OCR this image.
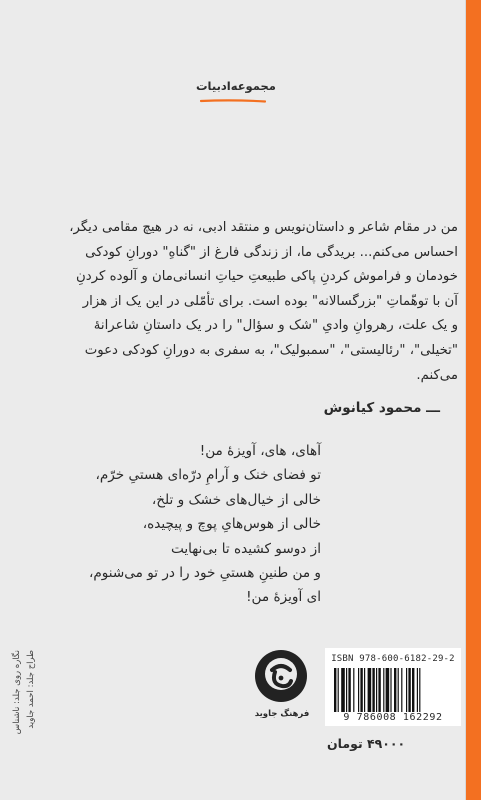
مجموعه‌ادبیات

من در مقام شاعر و داستان‌نویس و منتقد ادبی، نه در هیچ مقامی دیگر،
احساس می‌کنم... بریدگی ما، از زندگی فارغ از "گناهِ" دورانِ کودکی
خودمان و فراموش کردنِ پاکی طبیعتِ حیاتِ انسانی‌مان و آلوده کردنِ
آن با توهّماتِ "بزرگسالانه" بوده است. برای تأمّلی در این یک از هزار
و یک علت، رهروانِ وادیِ "شک و سؤال" را در یک داستانِ شاعرانهٔ
"تخیلی"، "رئالیستی"، "سمبولیک"، به سفری به دورانِ کودکی دعوت
می‌کنم.

ـــ محمود کیانوش

آهای، های، آویزهٔ من!
تو فضای خنک و آرامِ درّه‌ای هستیِ خرّم،
خالی از خیال‌های خشک و تلخ،
خالی از هوس‌هایِ پوچ و پیچیده،
از دوسو کشیده تا بی‌نهایت
و من طنینِ هستیِ خود را در تو می‌شنوم،
ای آویزهٔ من!

نگاره روی جلد: ناشناس طراح جلد: احمد جاوید	فرهنگ جاوید
ISBN 978-600-6182-29-2
9 786008 162292
۴۹۰۰۰ تومان
